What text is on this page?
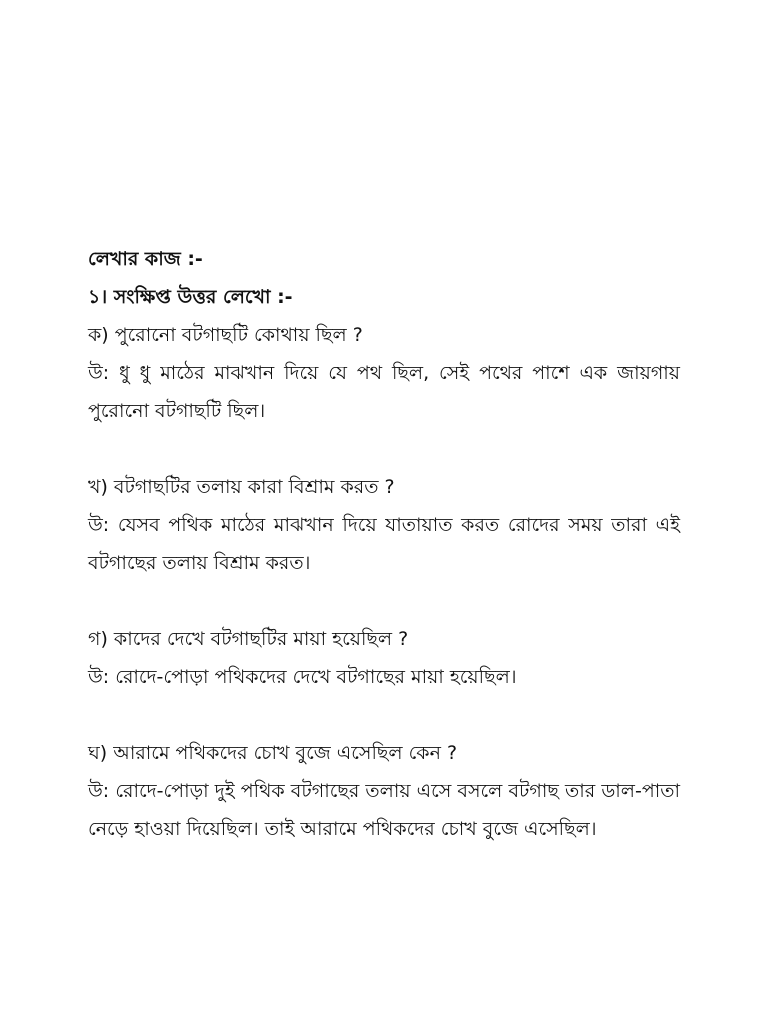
লেখার কাজ :-
১। সংক্ষিপ্ত উত্তর লেখো :-
ক) পুরোনো বটগাছটি কোথায় ছিল ?
উ: ধু ধু মাঠের মাঝখান দিয়ে যে পথ ছিল, সেই পথের পাশে এক জায়গায় পুরোনো বটগাছটি ছিল।
খ) বটগাছটির তলায় কারা বিশ্রাম করত ?
উ: যেসব পথিক মাঠের মাঝখান দিয়ে যাতায়াত করত রোদের সময় তারা এই বটগাছের তলায় বিশ্রাম করত।
গ) কাদের দেখে বটগাছটির মায়া হয়েছিল ?
উ: রোদে-পোড়া পথিকদের দেখে বটগাছের মায়া হয়েছিল।
ঘ) আরামে পথিকদের চোখ বুজে এসেছিল কেন ?
উ: রোদে-পোড়া দুই পথিক বটগাছের তলায় এসে বসলে বটগাছ তার ডাল-পাতা নেড়ে হাওয়া দিয়েছিল। তাই আরামে পথিকদের চোখ বুজে এসেছিল।
